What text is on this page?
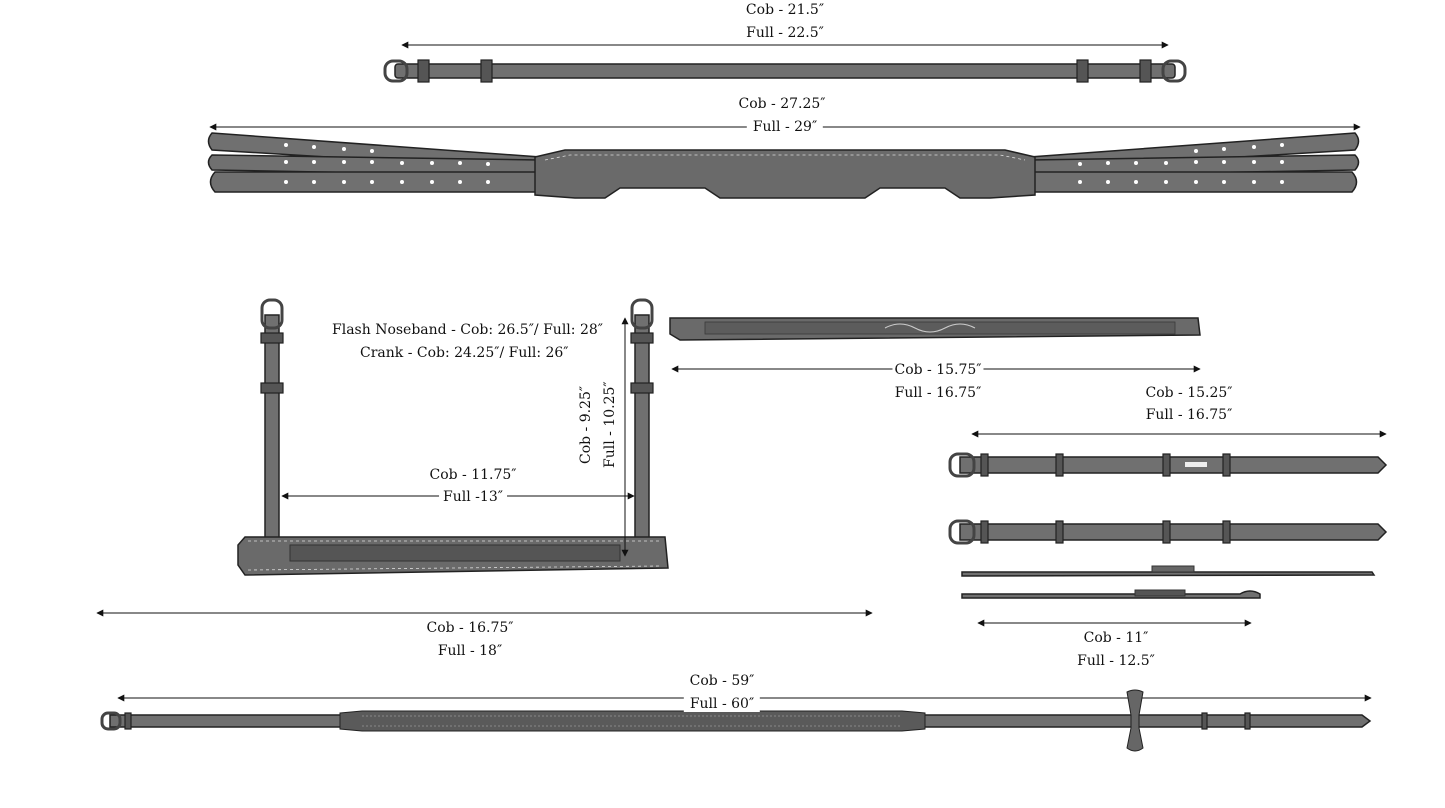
Cob - 21.5″
Full - 22.5″
Cob - 27.25″
Full - 29″
Flash Noseband - Cob: 26.5″/ Full: 28″
Crank - Cob: 24.25″/ Full: 26″
Cob - 9.25″ Full - 10.25″
Cob - 11.75″
Full -13″
Cob - 15.75″
Full - 16.75″	Cob - 15.25″
Full - 16.75″
Cob - 16.75″
Full - 18″
Cob - 11″
Full - 12.5″
Cob - 59″
Full - 60″
